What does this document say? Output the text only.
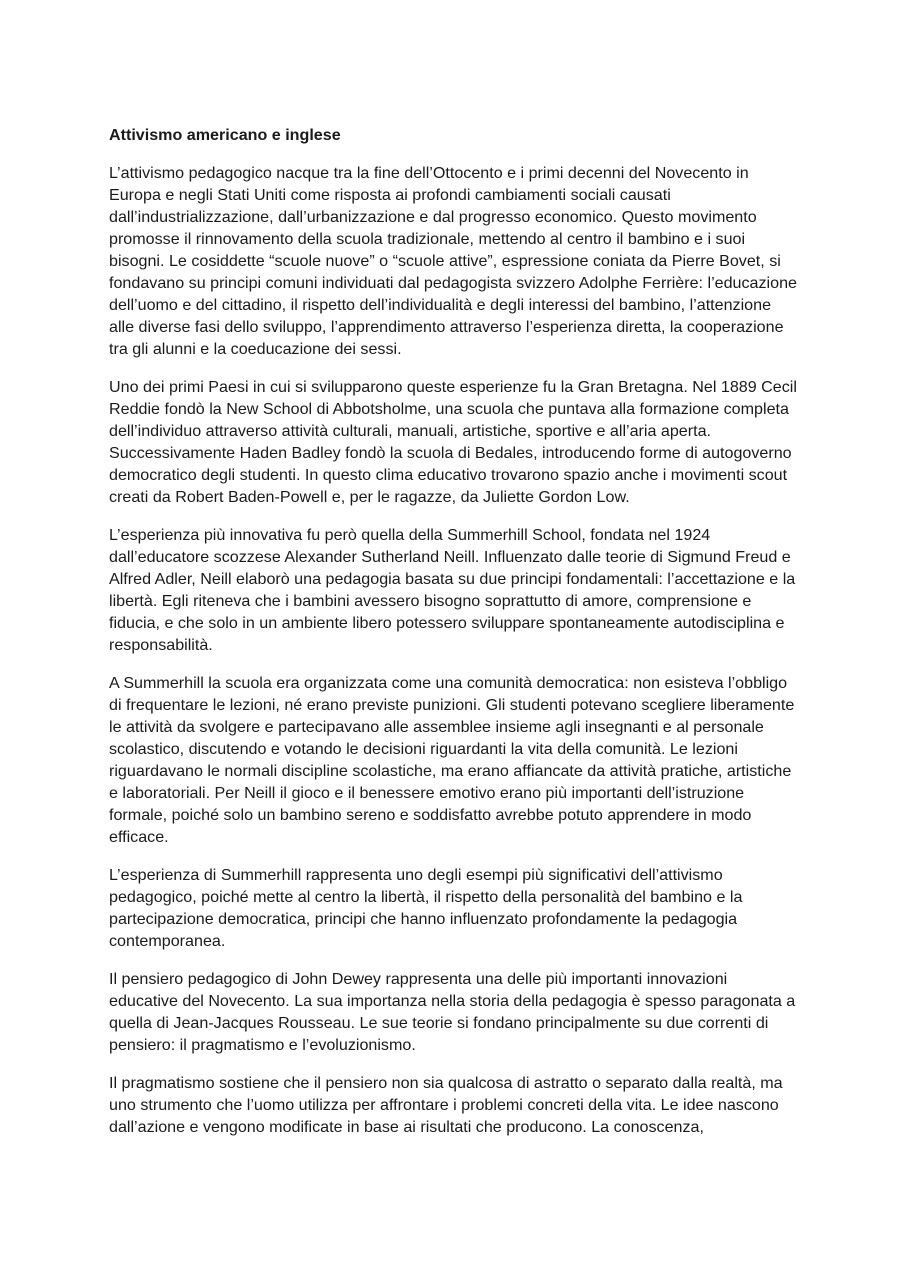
Attivismo americano e inglese

L’attivismo pedagogico nacque tra la fine dell’Ottocento e i primi decenni del Novecento in Europa e negli Stati Uniti come risposta ai profondi cambiamenti sociali causati dall’industrializzazione, dall’urbanizzazione e dal progresso economico. Questo movimento promosse il rinnovamento della scuola tradizionale, mettendo al centro il bambino e i suoi bisogni. Le cosiddette “scuole nuove” o “scuole attive”, espressione coniata da Pierre Bovet, si fondavano su principi comuni individuati dal pedagogista svizzero Adolphe Ferrière: l’educazione dell’uomo e del cittadino, il rispetto dell’individualità e degli interessi del bambino, l’attenzione alle diverse fasi dello sviluppo, l’apprendimento attraverso l’esperienza diretta, la cooperazione tra gli alunni e la coeducazione dei sessi.

Uno dei primi Paesi in cui si svilupparono queste esperienze fu la Gran Bretagna. Nel 1889 Cecil Reddie fondò la New School di Abbotsholme, una scuola che puntava alla formazione completa dell’individuo attraverso attività culturali, manuali, artistiche, sportive e all’aria aperta. Successivamente Haden Badley fondò la scuola di Bedales, introducendo forme di autogoverno democratico degli studenti. In questo clima educativo trovarono spazio anche i movimenti scout creati da Robert Baden-Powell e, per le ragazze, da Juliette Gordon Low.

L’esperienza più innovativa fu però quella della Summerhill School, fondata nel 1924 dall’educatore scozzese Alexander Sutherland Neill. Influenzato dalle teorie di Sigmund Freud e Alfred Adler, Neill elaborò una pedagogia basata su due principi fondamentali: l’accettazione e la libertà. Egli riteneva che i bambini avessero bisogno soprattutto di amore, comprensione e fiducia, e che solo in un ambiente libero potessero sviluppare spontaneamente autodisciplina e responsabilità.

A Summerhill la scuola era organizzata come una comunità democratica: non esisteva l’obbligo di frequentare le lezioni, né erano previste punizioni. Gli studenti potevano scegliere liberamente le attività da svolgere e partecipavano alle assemblee insieme agli insegnanti e al personale scolastico, discutendo e votando le decisioni riguardanti la vita della comunità. Le lezioni riguardavano le normali discipline scolastiche, ma erano affiancate da attività pratiche, artistiche e laboratoriali. Per Neill il gioco e il benessere emotivo erano più importanti dell’istruzione formale, poiché solo un bambino sereno e soddisfatto avrebbe potuto apprendere in modo efficace.

L’esperienza di Summerhill rappresenta uno degli esempi più significativi dell’attivismo pedagogico, poiché mette al centro la libertà, il rispetto della personalità del bambino e la partecipazione democratica, principi che hanno influenzato profondamente la pedagogia contemporanea.

Il pensiero pedagogico di John Dewey rappresenta una delle più importanti innovazioni educative del Novecento. La sua importanza nella storia della pedagogia è spesso paragonata a quella di Jean-Jacques Rousseau. Le sue teorie si fondano principalmente su due correnti di pensiero: il pragmatismo e l’evoluzionismo.

Il pragmatismo sostiene che il pensiero non sia qualcosa di astratto o separato dalla realtà, ma uno strumento che l’uomo utilizza per affrontare i problemi concreti della vita. Le idee nascono dall’azione e vengono modificate in base ai risultati che producono. La conoscenza,
